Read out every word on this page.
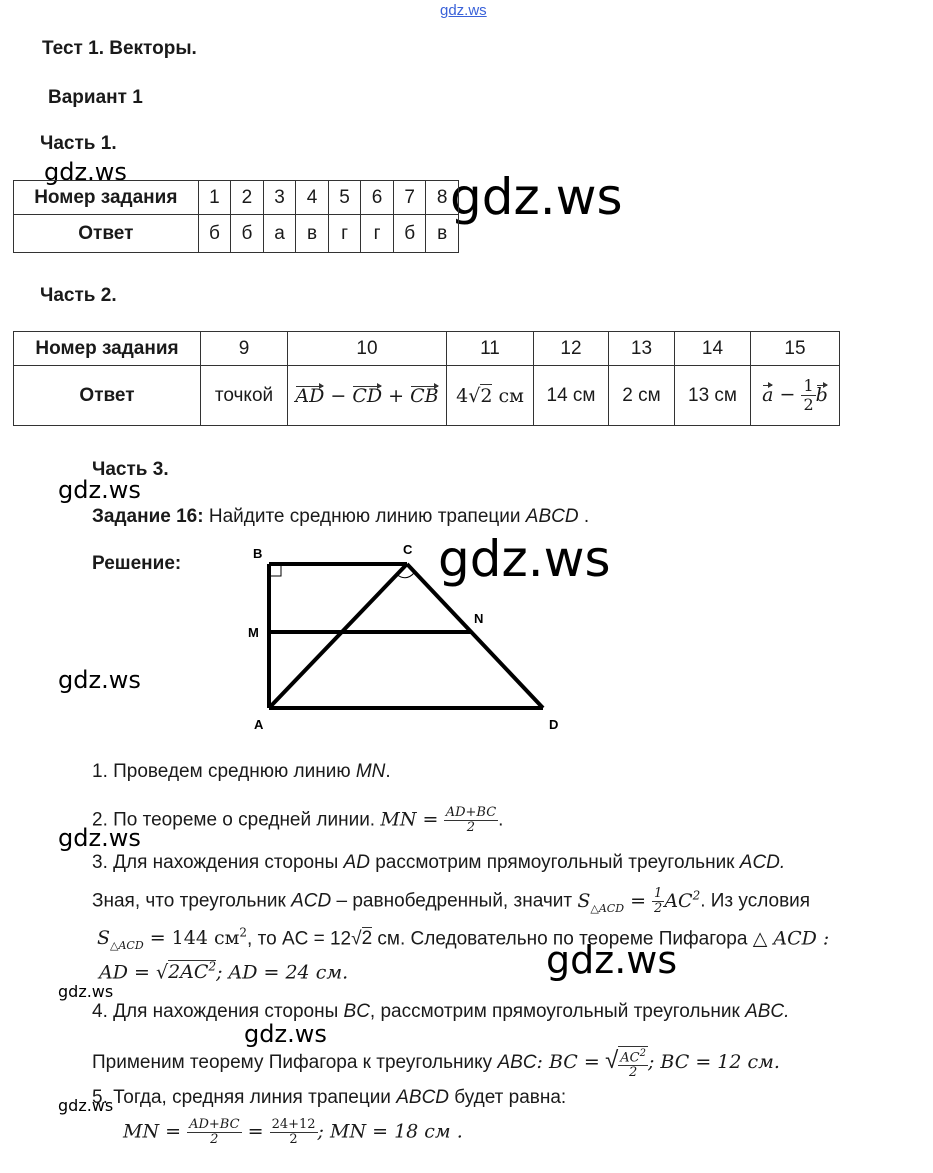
gdz.ws
gdz.ws	gdz.ws
gdz.ws
gdz.ws
gdz.ws
gdz.ws
gdz.ws
gdz.ws
gdz.ws
gdz.ws
Тест 1. Векторы.
Вариант 1
Часть 1.
Номер задания	1	2	3	4	5	6	7	8
Ответ	б	б	а	в	г	г	б	в
Часть 2.
Номер задания	9	10	11	12	13	14	15
Ответ	точкой	AD − CD + CB	4√2 см	14 см	2 см	13 см	$a - \frac{1}{2}$ b
Часть 3.
Задание 16: Найдите среднюю линию трапеции ABCD .
Решение:	B	C
M
N
A	D
1. Проведем среднюю линию MN.
2. По теореме о средней линии. MN = $\frac{AD+BC}{2}$ .
3. Для нахождения стороны AD рассмотрим прямоугольный треугольник ACD.
Зная, что треугольник ACD – равнобедренный, значит $S_{\triangle ACD} = \frac{1}{2} AC^2$. Из условия
$S_{\triangle ACD} = 144$ $см^2$, то AC = 12√2 см. Следовательно по теореме Пифагора △ ACD :
AD = $√2AC^2$; AD = 24 см.
4. Для нахождения стороны BC, рассмотрим прямоугольный треугольник ABC.
Применим теорему Пифагора к треугольнику ABC: BC = √ $\frac{AC^2}{2}$ ; BC = 12 см.
5. Тогда, средняя линия трапеции ABCD будет равна:
MN = $\frac{AD+BC}{2} = \frac{24+12}{2}$ ; MN = 18 см .
